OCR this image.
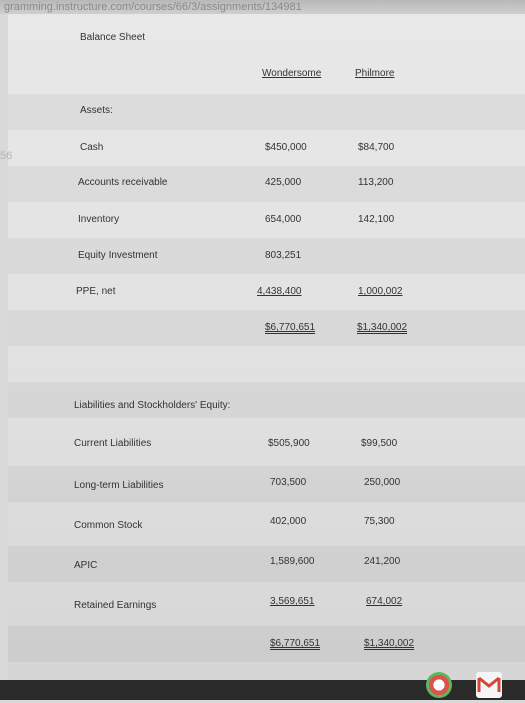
gramming.instructure.com/courses/66/3/assignments/134981
Balance Sheet
Wondersome	Philmore
Assets:
Cash	$450,000	$84,700
Accounts receivable	425,000	113,200
Inventory	654,000	142,100
Equity Investment	803,251
PPE, net	4,438,400	1,000,002
$6,770,651	$1,340,002
Liabilities and Stockholders' Equity:
Current Liabilities	$505,900	$99,500
Long-term Liabilities	703,500	250,000
Common Stock	402,000	75,300
APIC	1,589,600	241,200
Retained Earnings	3,569,651	674,002
$6,770,651	$1,340,002
56
